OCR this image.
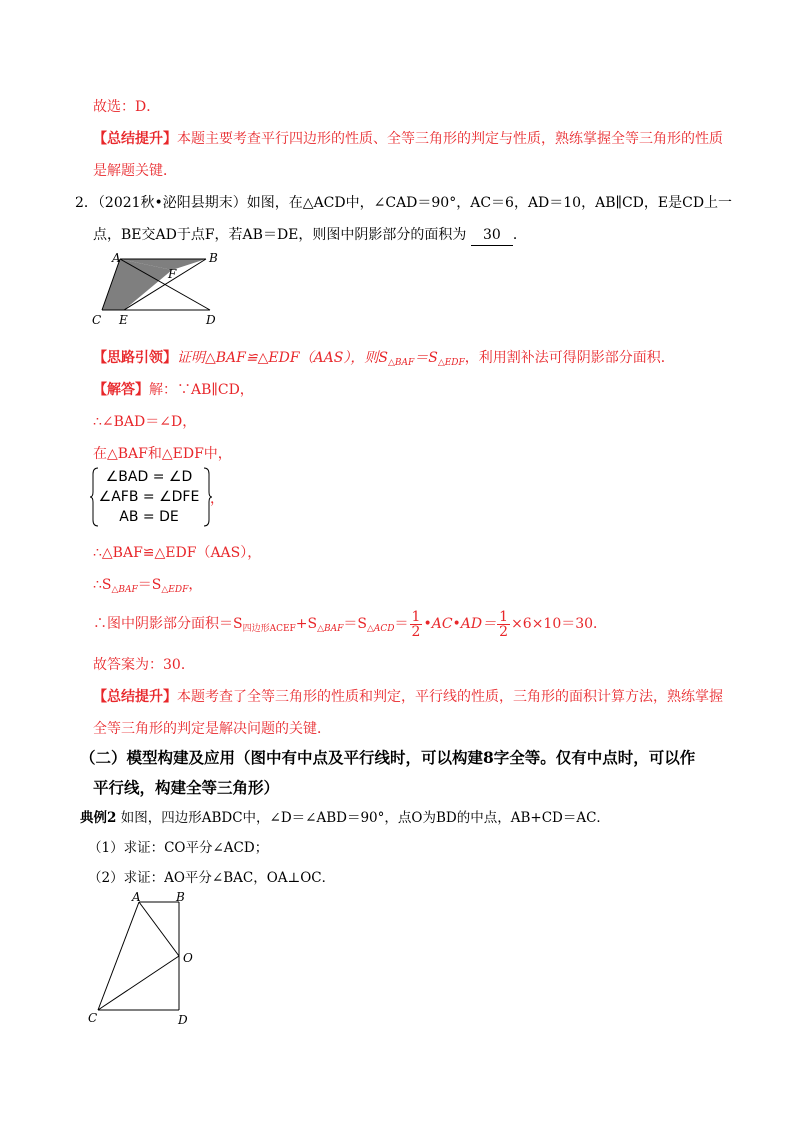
故选：D．
【总结提升】本题主要考查平行四边形的性质、全等三角形的判定与性质，熟练掌握全等三角形的性质
是解题关键．
2．（2021秋•泌阳县期末）如图，在△ACD中，∠CAD＝90°，AC＝6，AD＝10，AB∥CD，E是CD上一
点，BE交AD于点F，若AB＝DE，则图中阴影部分的面积为 30 ．
A	B
F
C E	D
【思路引领】证明△BAF≌△EDF（AAS），则$S_{\triangle BAF}=S_{\triangle EDF}$，利用割补法可得阴影部分面积．
【解答】解：∵AB∥CD，
∴∠BAD＝∠D，
在△BAF和△EDF中，
∠BAD = ∠D
∠AFB = ∠DFE
AB = DE
，
∴△BAF≌△EDF（AAS），
$\therefore S_{\triangle BAF}=S_{\triangle EDF}$，
∴图中阴影部分面积$=S_{四边形ACEF}+S_{\triangle BAF}=S_{\triangle ACD}= \frac{1}{2}$ •AC•AD＝ $\frac{1}{2} \times 6\times 10=30$．
故答案为：30．
【总结提升】本题考查了全等三角形的性质和判定，平行线的性质，三角形的面积计算方法，熟练掌握
全等三角形的判定是解决问题的关键．
（二）模型构建及应用（图中有中点及平行线时，可以构建8字全等。仅有中点时，可以作
平行线，构建全等三角形）
典例2 如图，四边形ABDC中，∠D＝∠ABD＝90°，点O为BD的中点，AB+CD＝AC．
（1）求证：CO平分∠ACD；
（2）求证：AO平分∠BAC，OA⊥OC．
A	B
O
C	D
